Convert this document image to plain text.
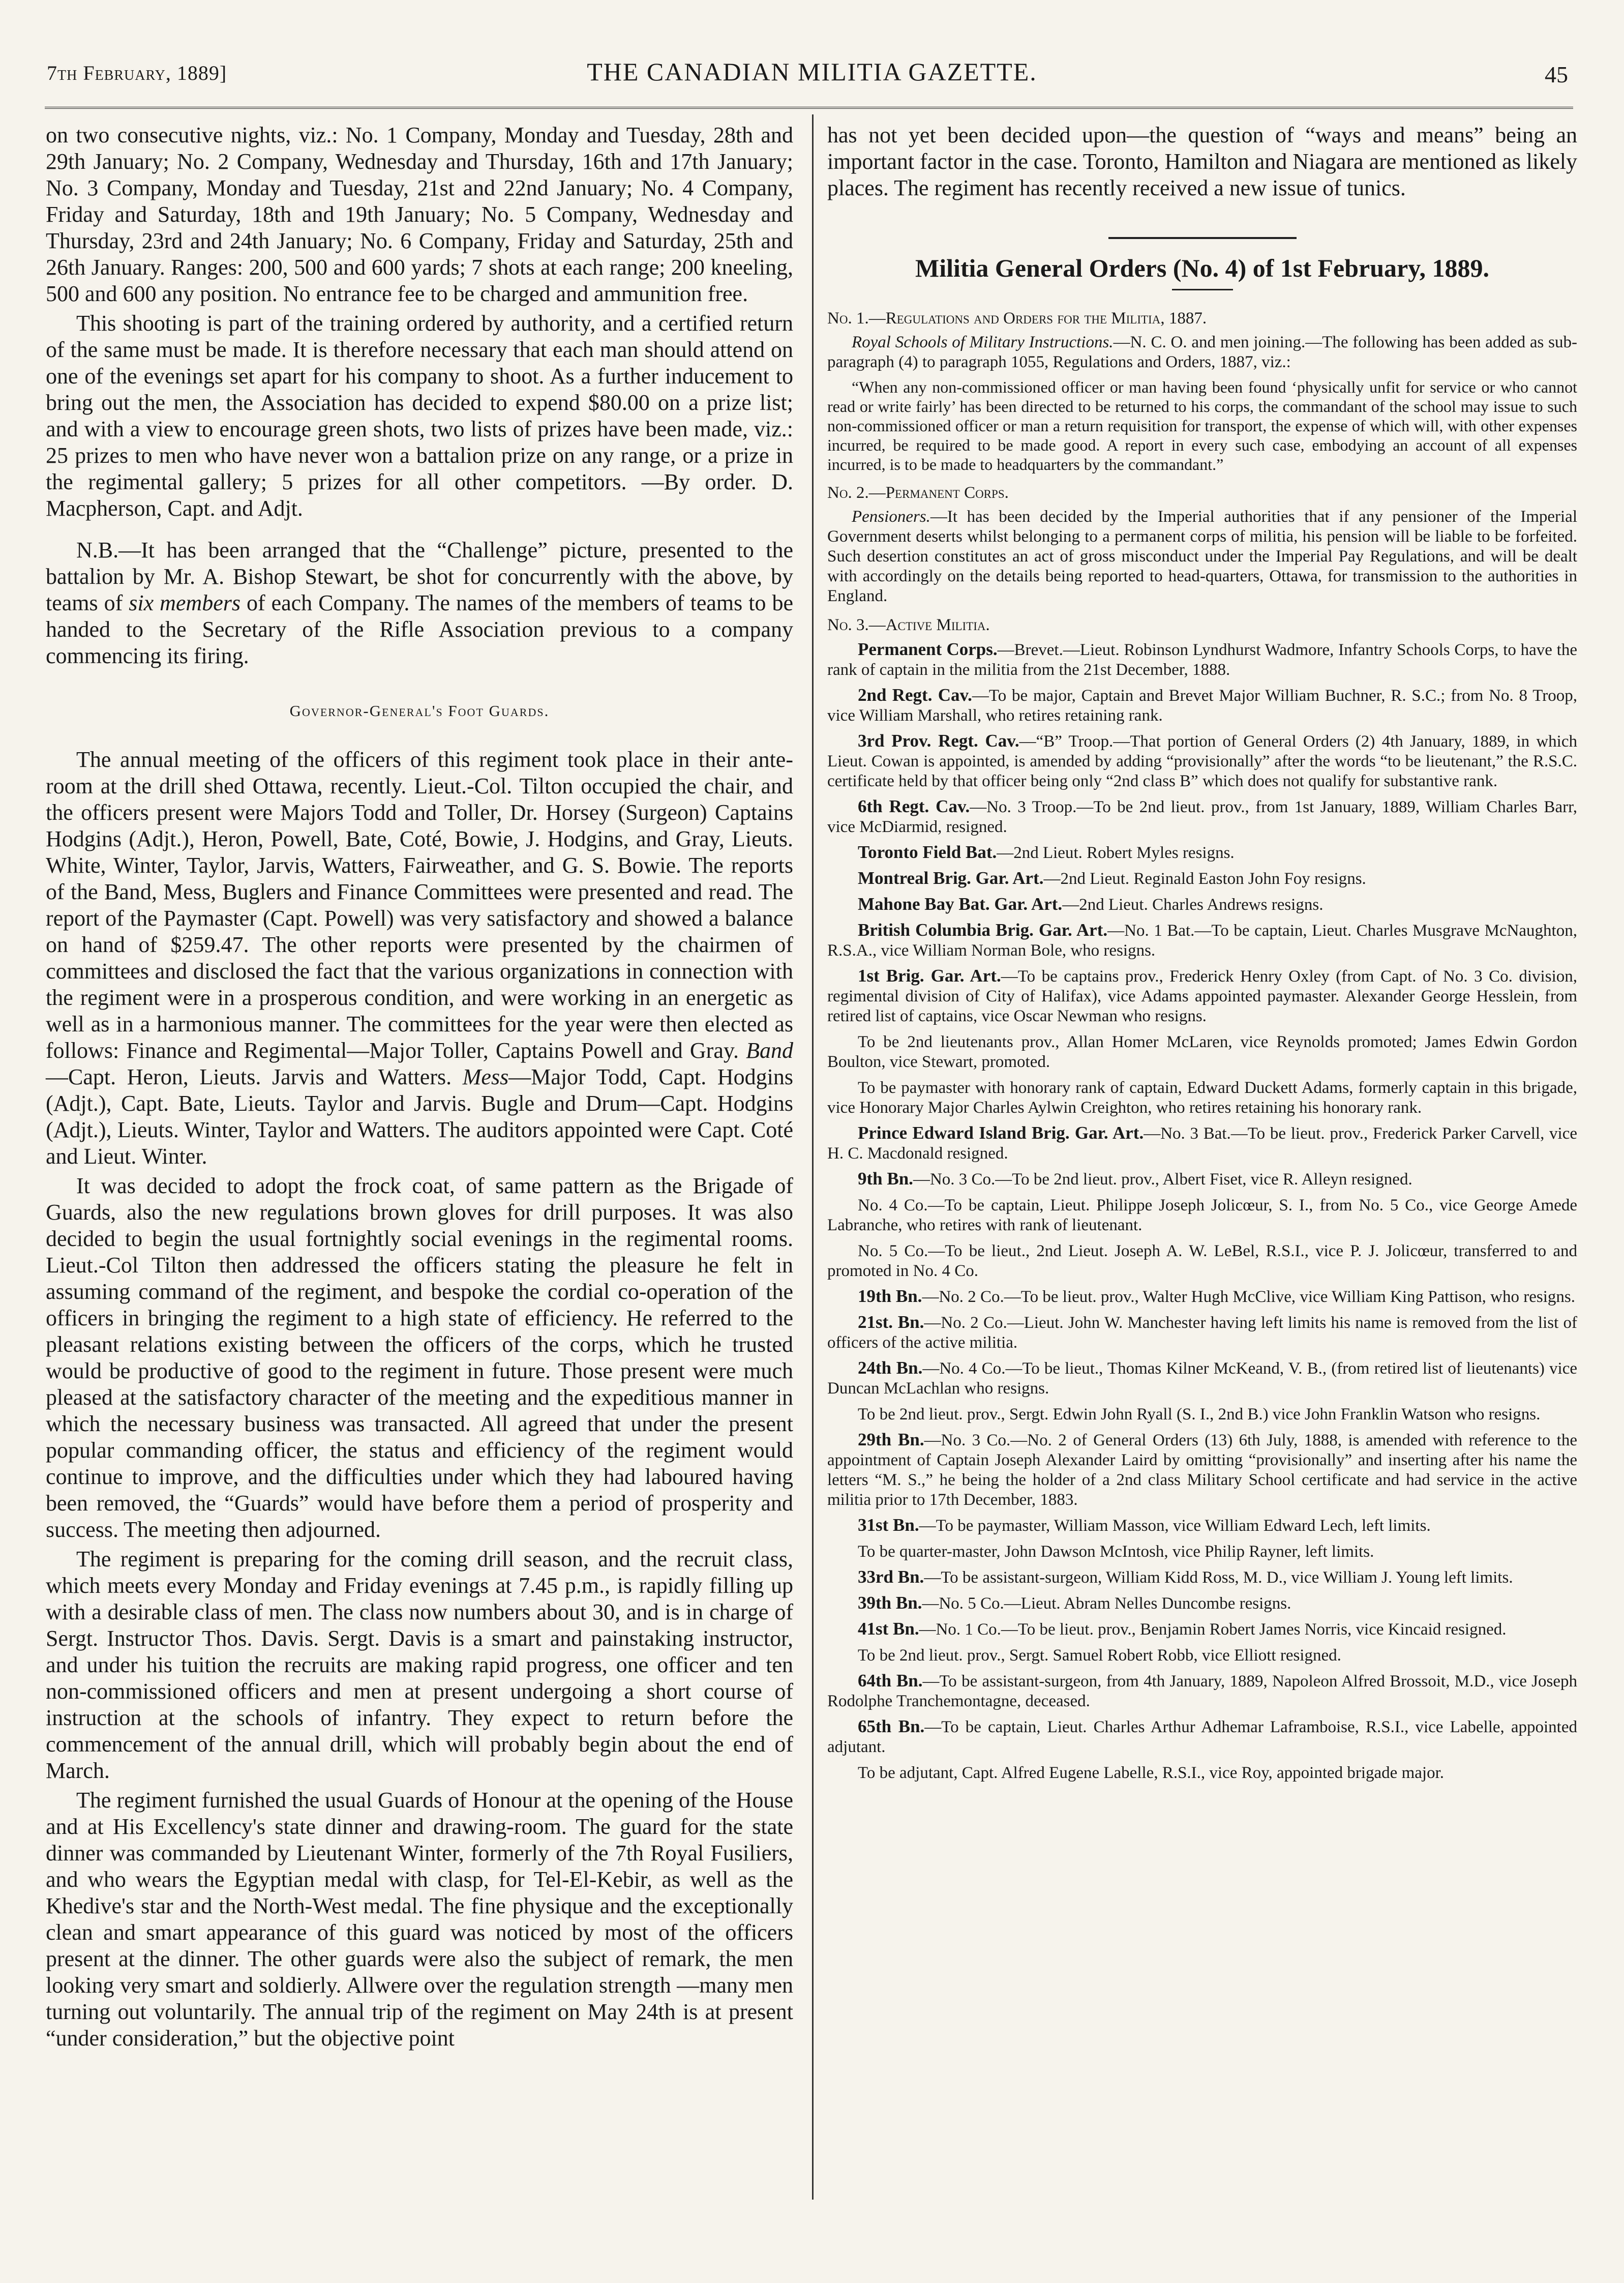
7th February, 1889]	THE CANADIAN MILITIA GAZETTE.	45

on two consecutive nights, viz.: No. 1 Company, Monday and Tuesday, 28th and 29th January; No. 2 Company, Wednesday and Thursday, 16th and 17th January; No. 3 Company, Monday and Tuesday, 21st and 22nd January; No. 4 Company, Friday and Saturday, 18th and 19th January; No. 5 Company, Wednesday and Thursday, 23rd and 24th January; No. 6 Company, Friday and Saturday, 25th and 26th January. Ranges: 200, 500 and 600 yards; 7 shots at each range; 200 kneeling, 500 and 600 any position. No entrance fee to be charged and ammunition free.

This shooting is part of the training ordered by authority, and a certified return of the same must be made. It is therefore necessary that each man should attend on one of the evenings set apart for his company to shoot. As a further inducement to bring out the men, the Association has decided to expend $80.00 on a prize list; and with a view to encourage green shots, two lists of prizes have been made, viz.: 25 prizes to men who have never won a battalion prize on any range, or a prize in the regimental gallery; 5 prizes for all other competitors. —By order. D. Macpherson, Capt. and Adjt.

N.B.—It has been arranged that the “Challenge” picture, presented to the battalion by Mr. A. Bishop Stewart, be shot for concurrently with the above, by teams of six members of each Company. The names of the members of teams to be handed to the Secretary of the Rifle Association previous to a company commencing its firing.

Governor-General's Foot Guards.

The annual meeting of the officers of this regiment took place in their ante-room at the drill shed Ottawa, recently. Lieut.-Col. Tilton occupied the chair, and the officers present were Majors Todd and Toller, Dr. Horsey (Surgeon) Captains Hodgins (Adjt.), Heron, Powell, Bate, Coté, Bowie, J. Hodgins, and Gray, Lieuts. White, Winter, Taylor, Jarvis, Watters, Fairweather, and G. S. Bowie. The reports of the Band, Mess, Buglers and Finance Committees were presented and read. The report of the Paymaster (Capt. Powell) was very satisfactory and showed a balance on hand of $259.47. The other reports were presented by the chairmen of committees and disclosed the fact that the various organizations in connection with the regiment were in a prosperous condition, and were working in an energetic as well as in a harmonious manner. The committees for the year were then elected as follows: Finance and Regimental—Major Toller, Captains Powell and Gray. Band—Capt. Heron, Lieuts. Jarvis and Watters. Mess—Major Todd, Capt. Hodgins (Adjt.), Capt. Bate, Lieuts. Taylor and Jarvis. Bugle and Drum—Capt. Hodgins (Adjt.), Lieuts. Winter, Taylor and Watters. The auditors appointed were Capt. Coté and Lieut. Winter.

It was decided to adopt the frock coat, of same pattern as the Brigade of Guards, also the new regulations brown gloves for drill purposes. It was also decided to begin the usual fortnightly social evenings in the regimental rooms. Lieut.-Col Tilton then addressed the officers stating the pleasure he felt in assuming command of the regiment, and bespoke the cordial co-operation of the officers in bringing the regiment to a high state of efficiency. He referred to the pleasant relations existing between the officers of the corps, which he trusted would be productive of good to the regiment in future. Those present were much pleased at the satisfactory character of the meeting and the expeditious manner in which the necessary business was transacted. All agreed that under the present popular commanding officer, the status and efficiency of the regiment would continue to improve, and the difficulties under which they had laboured having been removed, the “Guards” would have before them a period of prosperity and success. The meeting then adjourned.

The regiment is preparing for the coming drill season, and the recruit class, which meets every Monday and Friday evenings at 7.45 p.m., is rapidly filling up with a desirable class of men. The class now numbers about 30, and is in charge of Sergt. Instructor Thos. Davis. Sergt. Davis is a smart and painstaking instructor, and under his tuition the recruits are making rapid progress, one officer and ten non-commissioned officers and men at present undergoing a short course of instruction at the schools of infantry. They expect to return before the commencement of the annual drill, which will probably begin about the end of March.

The regiment furnished the usual Guards of Honour at the opening of the House and at His Excellency's state dinner and drawing-room. The guard for the state dinner was commanded by Lieutenant Winter, formerly of the 7th Royal Fusiliers, and who wears the Egyptian medal with clasp, for Tel-El-Kebir, as well as the Khedive's star and the North-West medal. The fine physique and the exceptionally clean and smart appearance of this guard was noticed by most of the officers present at the dinner. The other guards were also the subject of remark, the men looking very smart and soldierly. Allwere over the regulation strength —many men turning out voluntarily. The annual trip of the regiment on May 24th is at present “under consideration,” but the objective point

has not yet been decided upon—the question of “ways and means” being an important factor in the case. Toronto, Hamilton and Niagara are mentioned as likely places. The regiment has recently received a new issue of tunics.

Militia General Orders (No. 4) of 1st February, 1889.
No. 1.—Regulations and Orders for the Militia, 1887.

Royal Schools of Military Instructions.—N. C. O. and men joining.—The following has been added as sub-paragraph (4) to paragraph 1055, Regulations and Orders, 1887, viz.:

“When any non-commissioned officer or man having been found ‘physically unfit for service or who cannot read or write fairly’ has been directed to be returned to his corps, the commandant of the school may issue to such non-commissioned officer or man a return requisition for transport, the expense of which will, with other expenses incurred, be required to be made good. A report in every such case, embodying an account of all expenses incurred, is to be made to headquarters by the commandant.”

No. 2.—Permanent Corps.

Pensioners.—It has been decided by the Imperial authorities that if any pensioner of the Imperial Government deserts whilst belonging to a permanent corps of militia, his pension will be liable to be forfeited. Such desertion constitutes an act of gross misconduct under the Imperial Pay Regulations, and will be dealt with accordingly on the details being reported to head-quarters, Ottawa, for transmission to the authorities in England.

No. 3.—Active Militia.

Permanent Corps.—Brevet.—Lieut. Robinson Lyndhurst Wadmore, Infantry Schools Corps, to have the rank of captain in the militia from the 21st December, 1888.

2nd Regt. Cav.—To be major, Captain and Brevet Major William Buchner, R. S.C.; from No. 8 Troop, vice William Marshall, who retires retaining rank.

3rd Prov. Regt. Cav.—“B” Troop.—That portion of General Orders (2) 4th January, 1889, in which Lieut. Cowan is appointed, is amended by adding “provisionally” after the words “to be lieutenant,” the R.S.C. certificate held by that officer being only “2nd class B” which does not qualify for substantive rank.

6th Regt. Cav.—No. 3 Troop.—To be 2nd lieut. prov., from 1st January, 1889, William Charles Barr, vice McDiarmid, resigned.

Toronto Field Bat.—2nd Lieut. Robert Myles resigns.

Montreal Brig. Gar. Art.—2nd Lieut. Reginald Easton John Foy resigns.

Mahone Bay Bat. Gar. Art.—2nd Lieut. Charles Andrews resigns.

British Columbia Brig. Gar. Art.—No. 1 Bat.—To be captain, Lieut. Charles Musgrave McNaughton, R.S.A., vice William Norman Bole, who resigns.

1st Brig. Gar. Art.—To be captains prov., Frederick Henry Oxley (from Capt. of No. 3 Co. division, regimental division of City of Halifax), vice Adams appointed paymaster. Alexander George Hesslein, from retired list of captains, vice Oscar Newman who resigns.

To be 2nd lieutenants prov., Allan Homer McLaren, vice Reynolds promoted; James Edwin Gordon Boulton, vice Stewart, promoted.

To be paymaster with honorary rank of captain, Edward Duckett Adams, formerly captain in this brigade, vice Honorary Major Charles Aylwin Creighton, who retires retaining his honorary rank.

Prince Edward Island Brig. Gar. Art.—No. 3 Bat.—To be lieut. prov., Frederick Parker Carvell, vice H. C. Macdonald resigned.

9th Bn.—No. 3 Co.—To be 2nd lieut. prov., Albert Fiset, vice R. Alleyn resigned.

No. 4 Co.—To be captain, Lieut. Philippe Joseph Jolicœur, S. I., from No. 5 Co., vice George Amede Labranche, who retires with rank of lieutenant.

No. 5 Co.—To be lieut., 2nd Lieut. Joseph A. W. LeBel, R.S.I., vice P. J. Jolicœur, transferred to and promoted in No. 4 Co.

19th Bn.—No. 2 Co.—To be lieut. prov., Walter Hugh McClive, vice William King Pattison, who resigns.

21st. Bn.—No. 2 Co.—Lieut. John W. Manchester having left limits his name is removed from the list of officers of the active militia.

24th Bn.—No. 4 Co.—To be lieut., Thomas Kilner McKeand, V. B., (from retired list of lieutenants) vice Duncan McLachlan who resigns.

To be 2nd lieut. prov., Sergt. Edwin John Ryall (S. I., 2nd B.) vice John Franklin Watson who resigns.

29th Bn.—No. 3 Co.—No. 2 of General Orders (13) 6th July, 1888, is amended with reference to the appointment of Captain Joseph Alexander Laird by omitting “provisionally” and inserting after his name the letters “M. S.,” he being the holder of a 2nd class Military School certificate and had service in the active militia prior to 17th December, 1883.

31st Bn.—To be paymaster, William Masson, vice William Edward Lech, left limits.

To be quarter-master, John Dawson McIntosh, vice Philip Rayner, left limits.

33rd Bn.—To be assistant-surgeon, William Kidd Ross, M. D., vice William J. Young left limits.

39th Bn.—No. 5 Co.—Lieut. Abram Nelles Duncombe resigns.

41st Bn.—No. 1 Co.—To be lieut. prov., Benjamin Robert James Norris, vice Kincaid resigned.

To be 2nd lieut. prov., Sergt. Samuel Robert Robb, vice Elliott resigned.

64th Bn.—To be assistant-surgeon, from 4th January, 1889, Napoleon Alfred Brossoit, M.D., vice Joseph Rodolphe Tranchemontagne, deceased.

65th Bn.—To be captain, Lieut. Charles Arthur Adhemar Laframboise, R.S.I., vice Labelle, appointed adjutant.

To be adjutant, Capt. Alfred Eugene Labelle, R.S.I., vice Roy, appointed brigade major.
